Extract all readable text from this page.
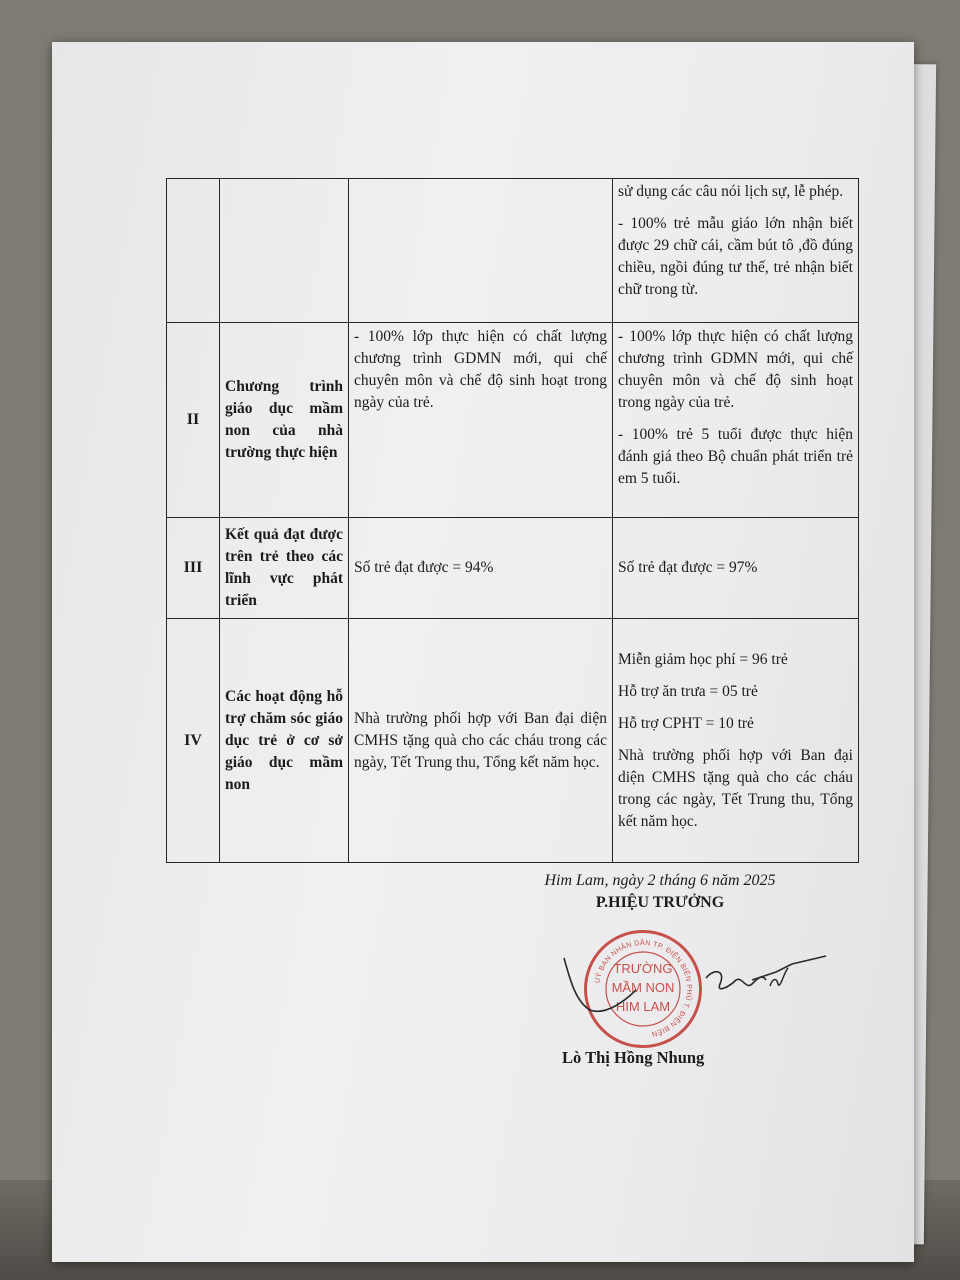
			sử dụng các câu nói lịch sự, lễ phép.

- 100% trẻ mẫu giáo lớn nhận biết được 29 chữ cái, cầm bút tô ,đồ đúng chiều, ngồi đúng tư thế, trẻ nhận biết chữ trong từ.

II	Chương trình giáo dục mầm non của nhà trường thực hiện	- 100% lớp thực hiện có chất lượng chương trình GDMN mới, qui chế chuyên môn và chế độ sinh hoạt trong ngày của trẻ.	- 100% lớp thực hiện có chất lượng chương trình GDMN mới, qui chế chuyên môn và chế độ sinh hoạt trong ngày của trẻ.

- 100% trẻ 5 tuổi được thực hiện đánh giá theo Bộ chuẩn phát triển trẻ em 5 tuổi.

III	Kết quả đạt được trên trẻ theo các lĩnh vực phát triển	Số trẻ đạt được = 94%	Số trẻ đạt được = 97%
IV	Các hoạt động hỗ trợ chăm sóc giáo dục trẻ ở cơ sở giáo dục mầm non	Nhà trường phối hợp với Ban đại diện CMHS tặng quà cho các cháu trong các ngày, Tết Trung thu, Tổng kết năm học.	Miễn giảm học phí = 96 trẻ

Hỗ trợ ăn trưa = 05 trẻ

Hỗ trợ CPHT = 10 trẻ

Nhà trường phối hợp với Ban đại diện CMHS tặng quà cho các cháu trong các ngày, Tết Trung thu, Tổng kết năm học.

Him Lam, ngày 2 tháng 6 năm 2025
P.HIỆU TRƯỞNG
UỶ BAN NHÂN DÂN TP. ĐIỆN BIÊN PHỦ T. ĐIỆN BIÊN
TRƯỜNG
MẦM NON
HIM LAM
Lò Thị Hồng Nhung
